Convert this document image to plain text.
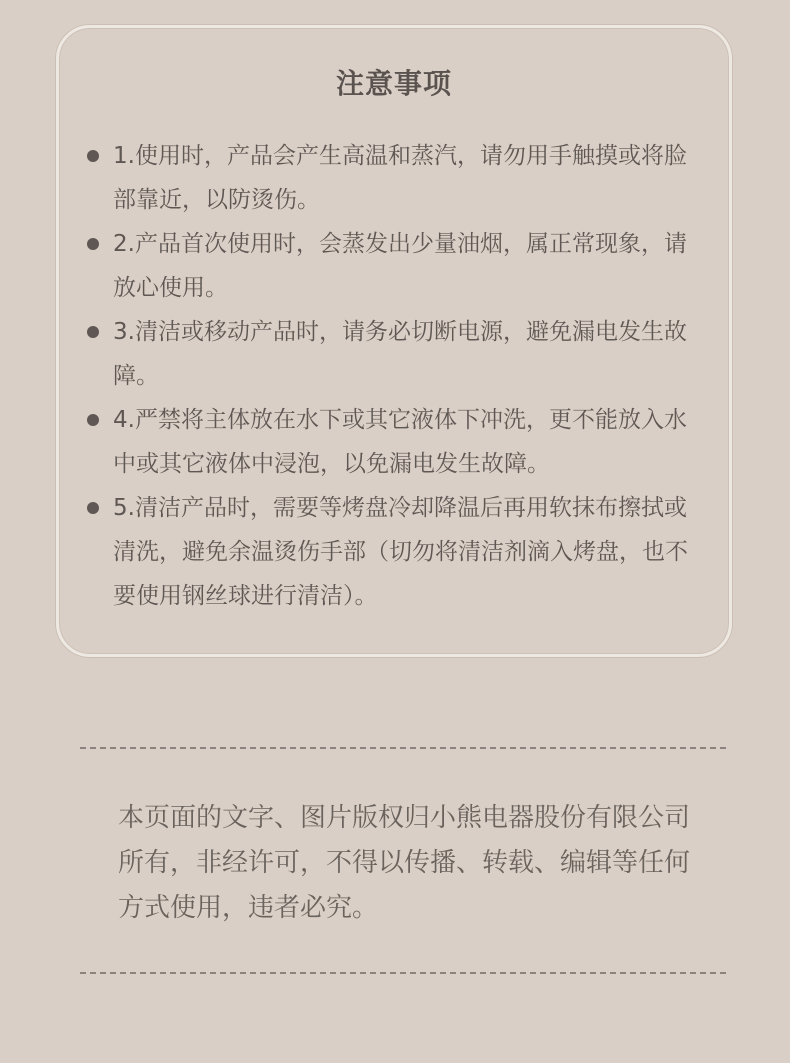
注意事项
1.使用时，产品会产生高温和蒸汽，请勿用手触摸或将脸部靠近，以防烫伤。
2.产品首次使用时，会蒸发出少量油烟，属正常现象，请放心使用。
3.清洁或移动产品时，请务必切断电源，避免漏电发生故障。
4.严禁将主体放在水下或其它液体下冲洗，更不能放入水中或其它液体中浸泡，以免漏电发生故障。
5.清洁产品时，需要等烤盘冷却降温后再用软抹布擦拭或清洗，避免余温烫伤手部（切勿将清洁剂滴入烤盘，也不要使用钢丝球进行清洁）。

本页面的文字、图片版权归小熊电器股份有限公司所有，非经许可，不得以传播、转载、编辑等任何方式使用，违者必究。
